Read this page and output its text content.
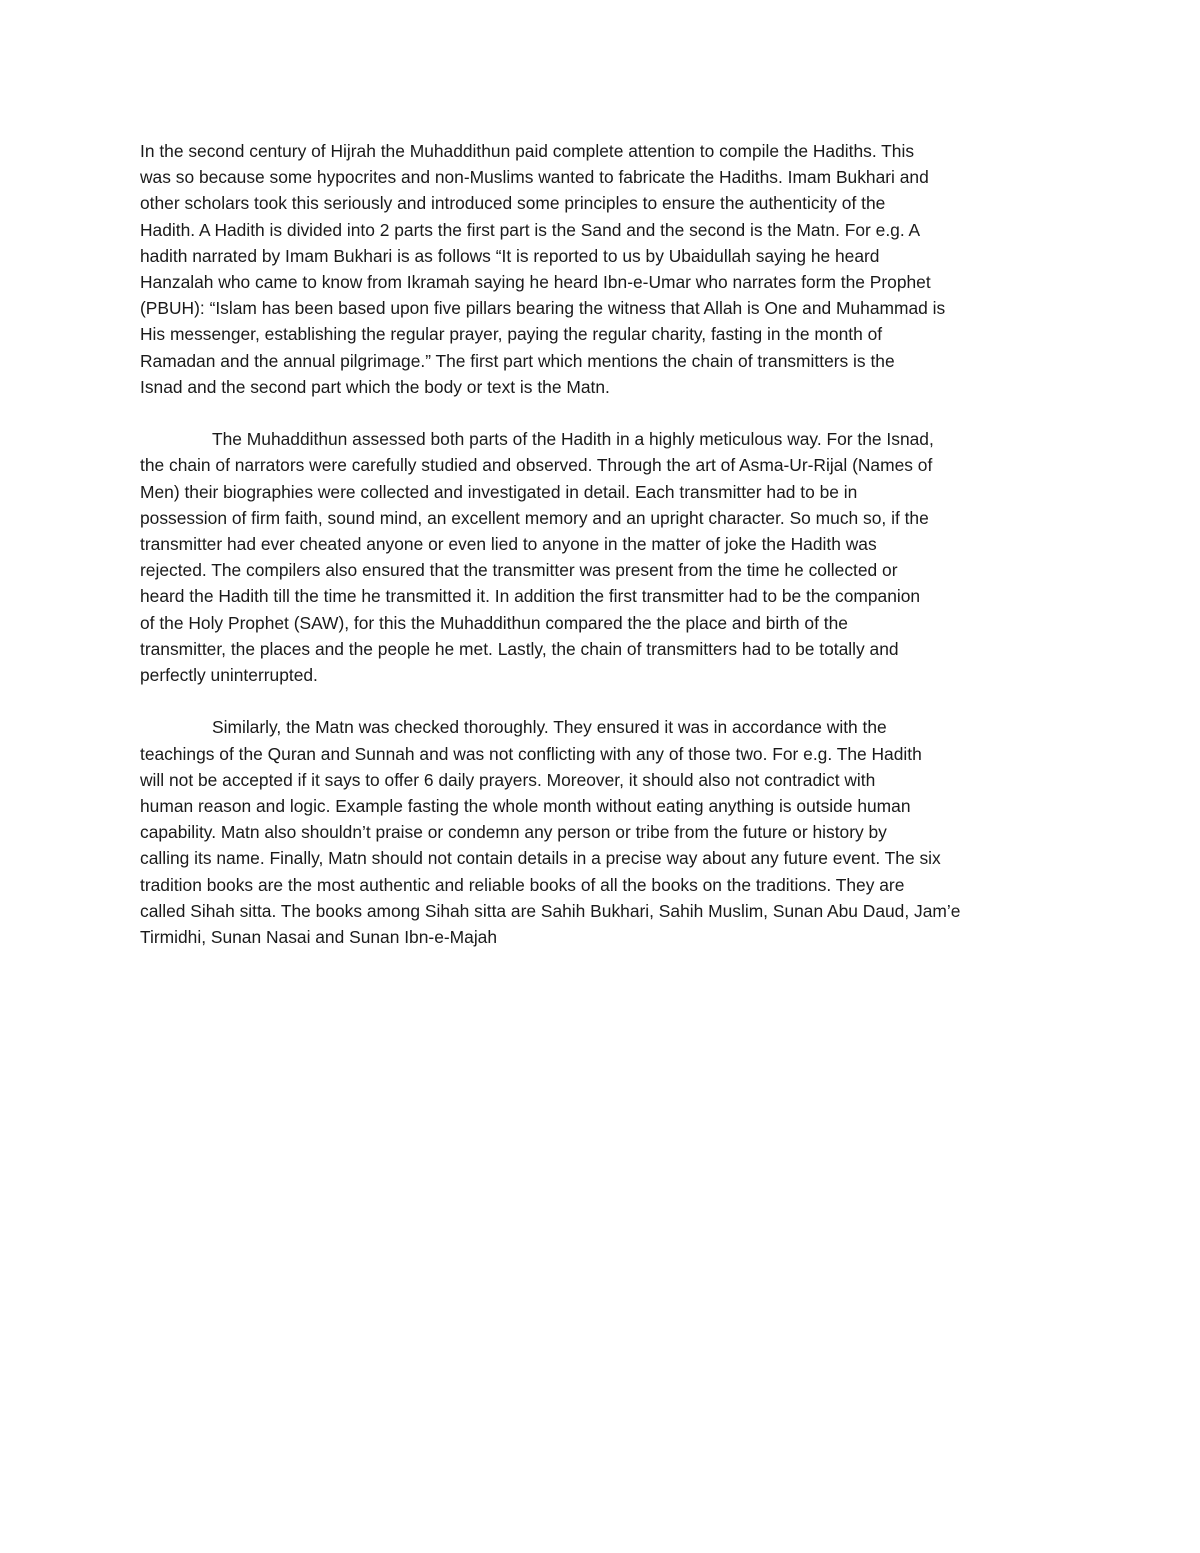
In the second century of Hijrah the Muhaddithun paid complete attention to compile the Hadiths. This
was so because some hypocrites and non-Muslims wanted to fabricate the Hadiths. Imam Bukhari and
other scholars took this seriously and introduced some principles to ensure the authenticity of the
Hadith. A Hadith is divided into 2 parts the first part is the Sand and the second is the Matn. For e.g. A
hadith narrated by Imam Bukhari is as follows “It is reported to us by Ubaidullah saying he heard
Hanzalah who came to know from Ikramah saying he heard Ibn-e-Umar who narrates form the Prophet
(PBUH): “Islam has been based upon five pillars bearing the witness that Allah is One and Muhammad is
His messenger, establishing the regular prayer, paying the regular charity, fasting in the month of
Ramadan and the annual pilgrimage.” The first part which mentions the chain of transmitters is the
Isnad and the second part which the body or text is the Matn.

The Muhaddithun assessed both parts of the Hadith in a highly meticulous way. For the Isnad,
the chain of narrators were carefully studied and observed. Through the art of Asma-Ur-Rijal (Names of
Men) their biographies were collected and investigated in detail. Each transmitter had to be in
possession of firm faith, sound mind, an excellent memory and an upright character. So much so, if the
transmitter had ever cheated anyone or even lied to anyone in the matter of joke the Hadith was
rejected. The compilers also ensured that the transmitter was present from the time he collected or
heard the Hadith till the time he transmitted it. In addition the first transmitter had to be the companion
of the Holy Prophet (SAW), for this the Muhaddithun compared the the place and birth of the
transmitter, the places and the people he met. Lastly, the chain of transmitters had to be totally and
perfectly uninterrupted.

Similarly, the Matn was checked thoroughly. They ensured it was in accordance with the
teachings of the Quran and Sunnah and was not conflicting with any of those two. For e.g. The Hadith
will not be accepted if it says to offer 6 daily prayers. Moreover, it should also not contradict with
human reason and logic. Example fasting the whole month without eating anything is outside human
capability. Matn also shouldn’t praise or condemn any person or tribe from the future or history by
calling its name. Finally, Matn should not contain details in a precise way about any future event. The six
tradition books are the most authentic and reliable books of all the books on the traditions. They are
called Sihah sitta. The books among Sihah sitta are Sahih Bukhari, Sahih Muslim, Sunan Abu Daud, Jam’e
Tirmidhi, Sunan Nasai and Sunan Ibn-e-Majah
